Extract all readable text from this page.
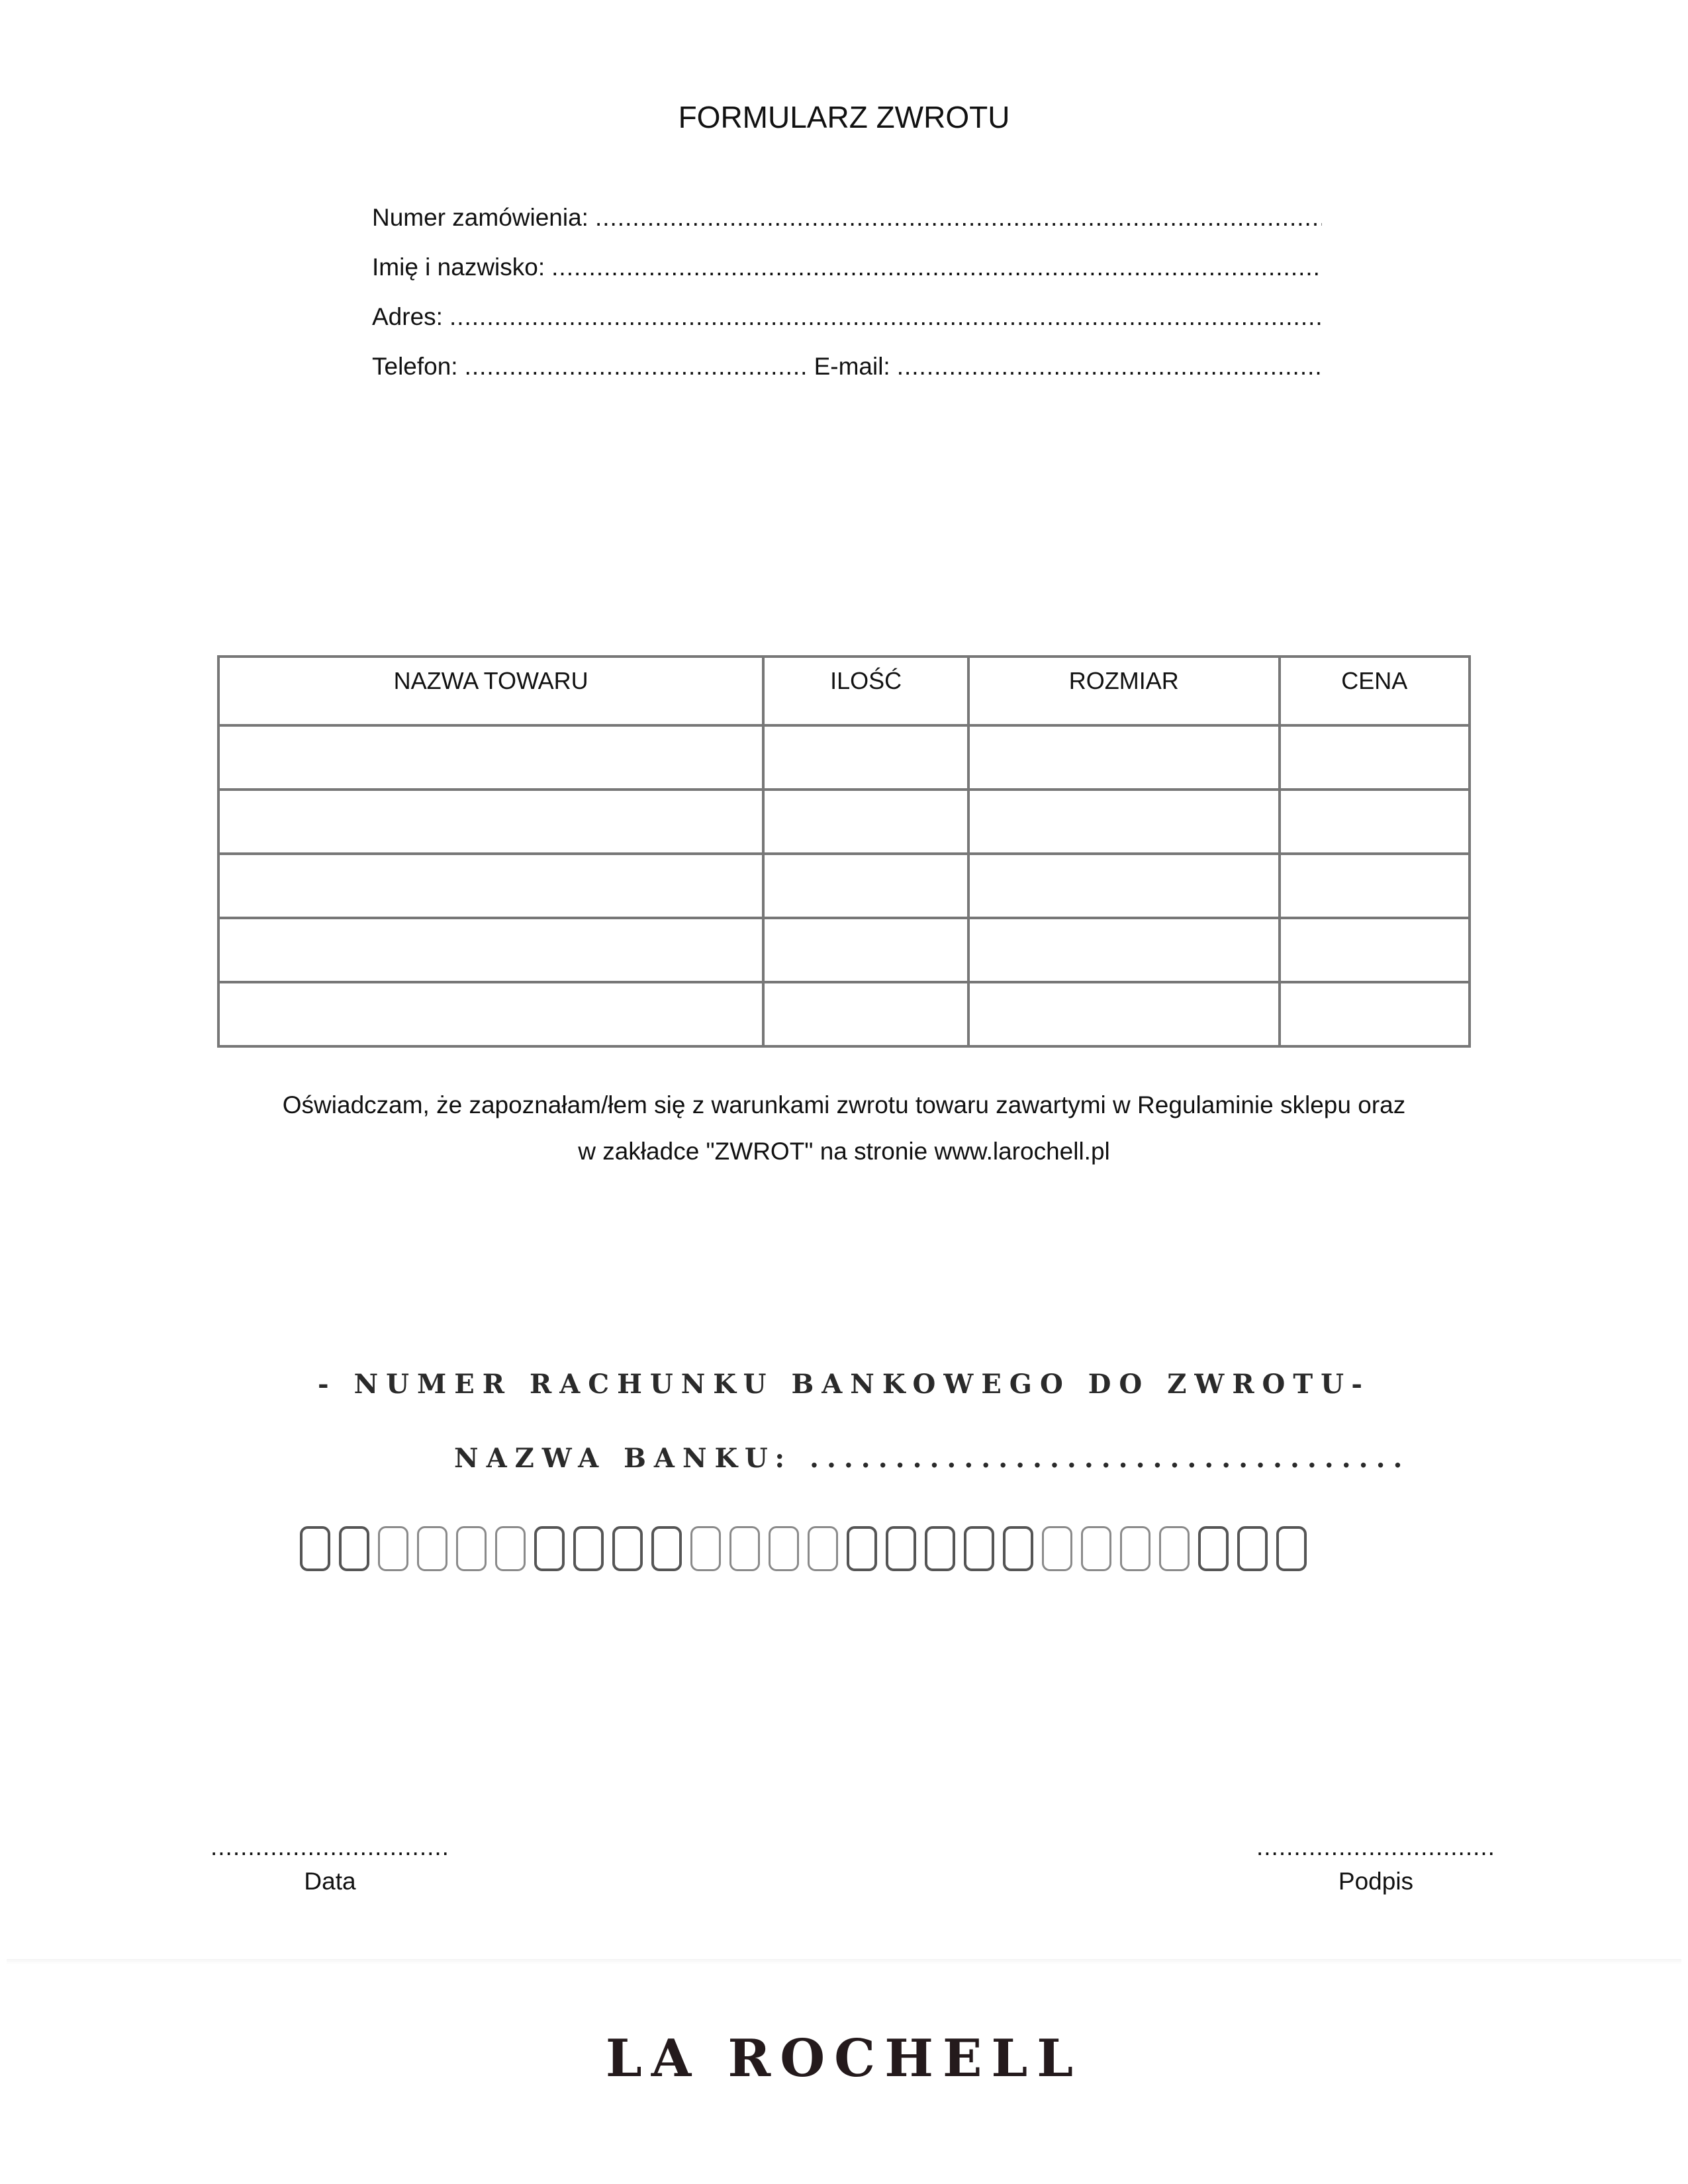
FORMULARZ ZWROTU
Numer zamówienia:
.....
Imię i nazwisko:
.....
Adres:
.....
Telefon: .....	E-mail:
.....
NAZWA TOWARU	ILOŚĆ	ROZMIAR	CENA

Oświadczam, że zapoznałam/łem się z warunkami zwrotu towaru zawartymi w Regulaminie sklepu oraz
w zakładce "ZWROT" na stronie www.larochell.pl
- NUMER RACHUNKU BANKOWEGO DO ZWROTU-
NAZWA BANKU: ...................................
................................
Data
................................
Podpis
LA ROCHELL
